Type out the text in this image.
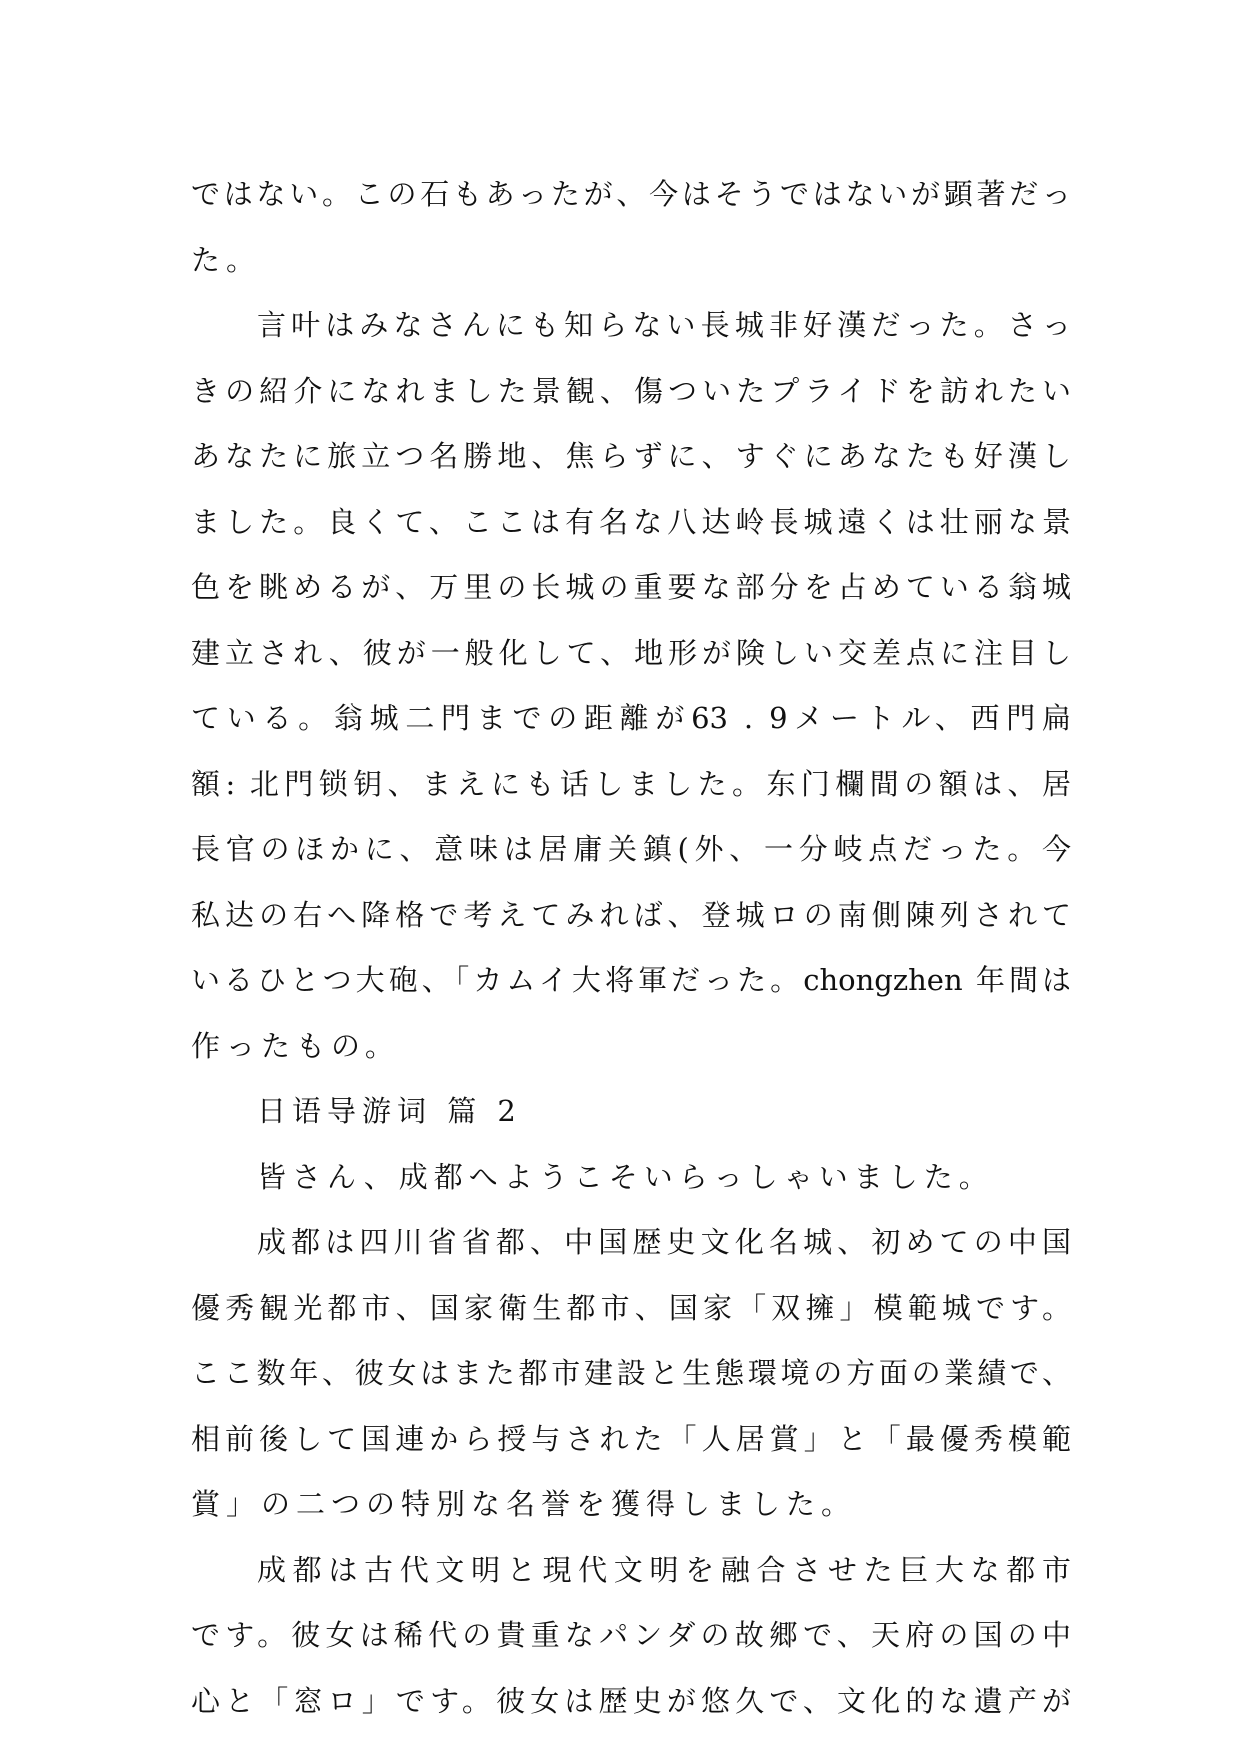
ではない。この石もあったが、今はそうではないが顕著だっ
た。
言叶はみなさんにも知らない長城非好漢だった。さっ
きの紹介になれました景観、傷ついたプライドを訪れたい
あなたに旅立つ名勝地、焦らずに、すぐにあなたも好漢し
ました。良くて、ここは有名な八达岭長城遠くは壮丽な景
色を眺めるが、万里の长城の重要な部分を占めている翁城
建立され、彼が一般化して、地形が険しい交差点に注目し
ている。翁城二門までの距離が63 . 9メートル、西門扁
額: 北門锁钥、まえにも话しました。东门欄間の額は、居
長官のほかに、意味は居庸关鎮(外、一分岐点だった。今
私达の右へ降格で考えてみれば、登城ロの南側陳列されて
いるひとつ大砲、「カムイ大将軍だった。chongzhen 年間は
作ったもの。
日语导游词 篇 2
皆さん、成都へようこそいらっしゃいました。
成都は四川省省都、中国歴史文化名城、初めての中国
優秀観光都市、国家衛生都市、国家「双擁」模範城です。
ここ数年、彼女はまた都市建設と生態環境の方面の業績で、
相前後して国連から授与された「人居賞」と「最優秀模範
賞」の二つの特別な名誉を獲得しました。
成都は古代文明と現代文明を融合させた巨大な都市
です。彼女は稀代の貴重なパンダの故郷で、天府の国の中
心と「窓ロ」です。彼女は歴史が悠久で、文化的な遺产が
